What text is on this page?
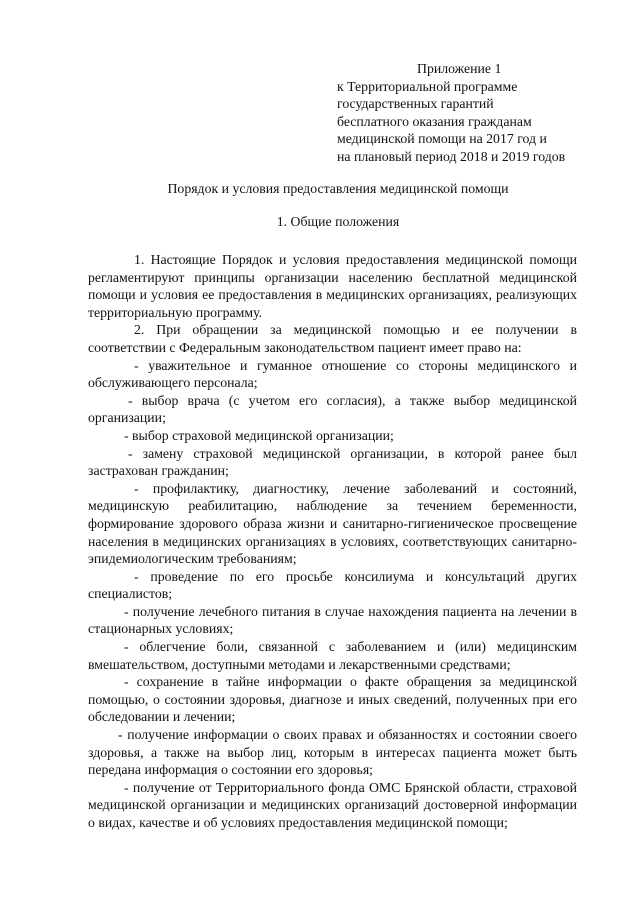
Приложение 1
к Территориальной программе
государственных гарантий
бесплатного оказания гражданам
медицинской помощи на 2017 год и
на плановый период 2018 и 2019 годов
Порядок и условия предоставления медицинской помощи
1. Общие положения

1. Настоящие Порядок и условия предоставления медицинской помощи регламентируют принципы организации населению бесплатной медицинской помощи и условия ее предоставления в медицинских организациях, реализующих территориальную программу.

2. При обращении за медицинской помощью и ее получении в соответствии с Федеральным законодательством пациент имеет право на:

- уважительное и гуманное отношение со стороны медицинского и обслуживающего персонала;

- выбор врача (с учетом его согласия), а также выбор медицинской организации;

- выбор страховой медицинской организации;

- замену страховой медицинской организации, в которой ранее был застрахован гражданин;

- профилактику, диагностику, лечение заболеваний и состояний, медицинскую реабилитацию, наблюдение за течением беременности, формирование здорового образа жизни и санитарно-гигиеническое просвещение населения в медицинских организациях в условиях, соответствующих санитарно-эпидемиологическим требованиям;

- проведение по его просьбе консилиума и консультаций других специалистов;

- получение лечебного питания в случае нахождения пациента на лечении в стационарных условиях;

- облегчение боли, связанной с заболеванием и (или) медицинским вмешательством, доступными методами и лекарственными средствами;

- сохранение в тайне информации о факте обращения за медицинской помощью, о состоянии здоровья, диагнозе и иных сведений, полученных при его обследовании и лечении;

- получение информации о своих правах и обязанностях и состоянии своего здоровья, а также на выбор лиц, которым в интересах пациента может быть передана информация о состоянии его здоровья;

- получение от Территориального фонда ОМС Брянской области, страховой медицинской организации и медицинских организаций достоверной информации о видах, качестве и об условиях предоставления медицинской помощи;
